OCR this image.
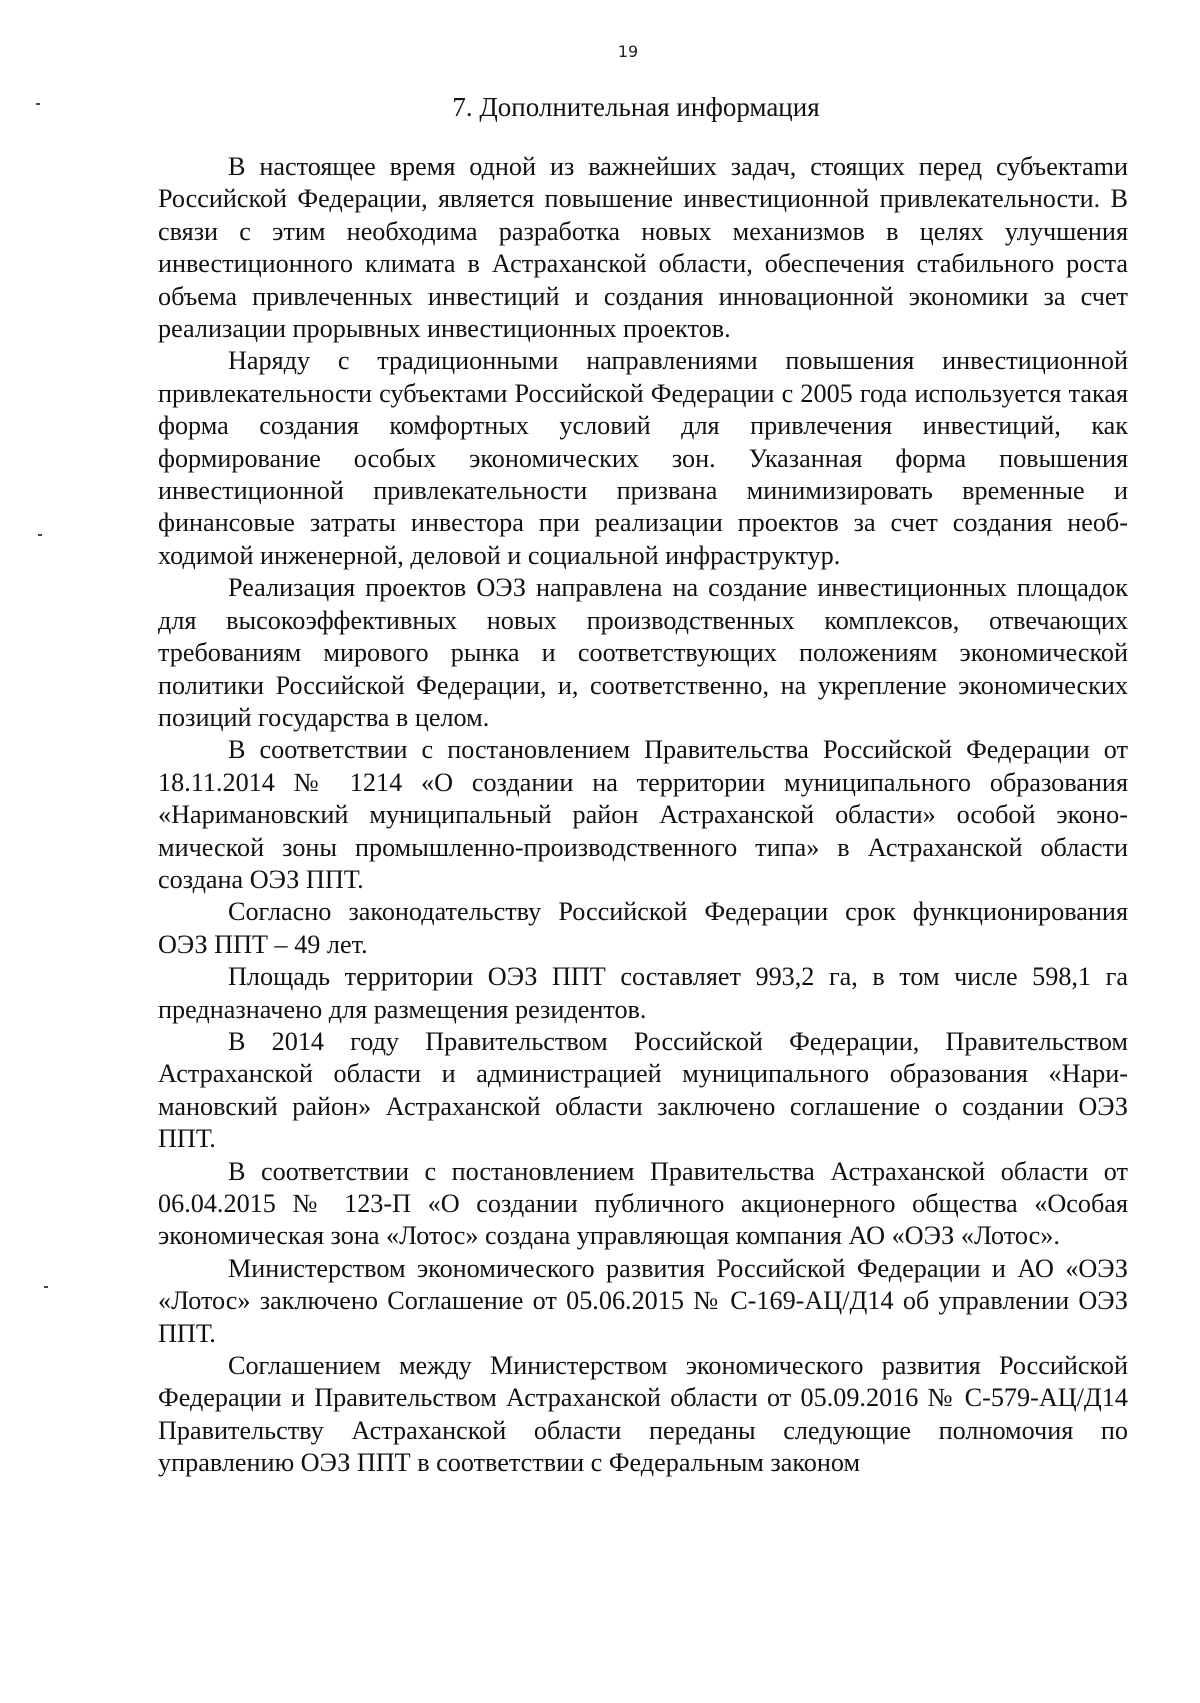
19
7. Дополнительная информация

В настоящее время одной из важнейших задач, стоящих перед субъектаmи Российской Федерации, является повышение инвестиционной привлекательности. В связи с этим необходима разработка новых механизмов в целях улучшения инвестиционного климата в Астраханской области, обеспечения стабильного роста объема привлеченных инвестиций и создания инновационной экономики за счет реализации прорывных инвестиционных проектов.

Наряду с традиционными направлениями повышения инвестиционной привлекательности субъектами Российской Федерации с 2005 года используется такая форма создания комфортных условий для привлечения инвестиций, как формирование особых экономических зон. Указанная форма повышения инвестиционной привлекательности призвана минимизировать временные и финансовые затраты инвестора при реализации проектов за счет создания необходимой инженерной, деловой и социальной инфраструктур.

Реализация проектов ОЭЗ направлена на создание инвестиционных площадок для высокоэффективных новых производственных комплексов, отвечающих требованиям мирового рынка и соответствующих положениям экономической политики Российской Федерации, и, соответственно, на укрепление экономических позиций государства в целом.

В соответствии с постановлением Правительства Российской Федерации от 18.11.2014 № 1214 «О создании на территории муниципального образования «Наримановский муниципальный район Астраханской области» особой экономической зоны промышленно-производственного типа» в Астраханской области создана ОЭЗ ППТ.

Согласно законодательству Российской Федерации срок функционирования ОЭЗ ППТ – 49 лет.

Площадь территории ОЭЗ ППТ составляет 993,2 га, в том числе 598,1 га предназначено для размещения резидентов.

В 2014 году Правительством Российской Федерации, Правительством Астраханской области и администрацией муниципального образования «Наримановский район» Астраханской области заключено соглашение о создании ОЭЗ ППТ.

В соответствии с постановлением Правительства Астраханской области от 06.04.2015 № 123-П «О создании публичного акционерного общества «Особая экономическая зона «Лотос» создана управляющая компания АО «ОЭЗ «Лотос».

Министерством экономического развития Российской Федерации и АО «ОЭЗ «Лотос» заключено Соглашение от 05.06.2015 № С-169-АЦ/Д14 об управлении ОЭЗ ППТ.

Соглашением между Министерством экономического развития Российской Федерации и Правительством Астраханской области от 05.09.2016 № С-579-АЦ/Д14 Правительству Астраханской области переданы следующие полномочия по управлению ОЭЗ ППТ в соответствии с Федеральным законом
